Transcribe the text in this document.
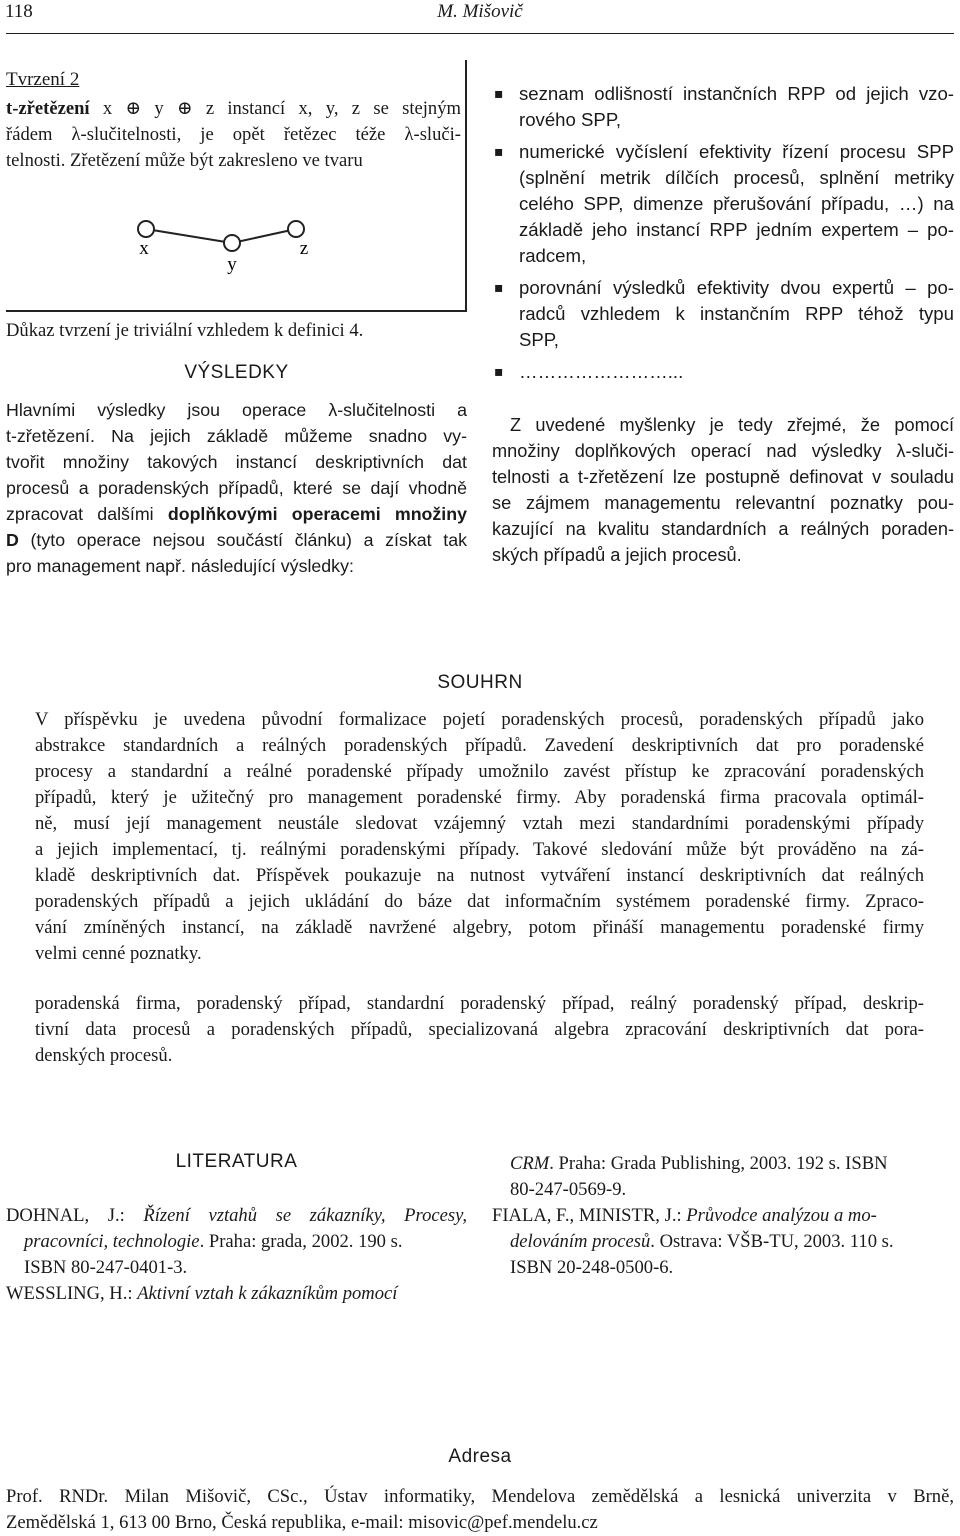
118	M. Mišovič
Tvrzení 2

t-zřetězení x ⊕ y ⊕ z instancí x, y, z se stejným

řádem λ-slučitelnosti, je opět řetězec téže λ-sluči-

telnosti. Zřetězení může být zakresleno ve tvaru

x
y
z
Důkaz tvrzení je triviální vzhledem k definici 4.
VÝSLEDKY

Hlavními výsledky jsou operace λ-slučitelnosti a

t-zřetězení. Na jejich základě můžeme snadno vy-

tvořit množiny takových instancí deskriptivních dat

procesů a poradenských případů, které se dají vhodně

zpracovat dalšími doplňkovými operacemi množiny

D (tyto operace nejsou součástí článku) a získat tak

pro management např. následující výsledky:

▪ seznam odlišností instančních RPP od jejich vzo-
rového SPP,
▪ numerické vyčíslení efektivity řízení procesu SPP
(splnění metrik dílčích procesů, splnění metriky
celého SPP, dimenze přerušování případu, …) na
základě jeho instancí RPP jedním expertem – po-
radcem,
▪ porovnání výsledků efektivity dvou expertů – po-
radců vzhledem k instančním RPP téhož typu
SPP,
▪ ……………………...

Z uvedené myšlenky je tedy zřejmé, že pomocí

množiny doplňkových operací nad výsledky λ-sluči-

telnosti a t-zřetězení lze postupně definovat v souladu

se zájmem managementu relevantní poznatky pou-

kazující na kvalitu standardních a reálných poraden-

ských případů a jejich procesů.

SOUHRN

V příspěvku je uvedena původní formalizace pojetí poradenských procesů, poradenských případů jako

abstrakce standardních a reálných poradenských případů. Zavedení deskriptivních dat pro poradenské

procesy a standardní a reálné poradenské případy umožnilo zavést přístup ke zpracování poradenských

případů, který je užitečný pro management poradenské firmy. Aby poradenská firma pracovala optimál-

ně, musí její management neustále sledovat vzájemný vztah mezi standardními poradenskými případy

a jejich implementací, tj. reálnými poradenskými případy. Takové sledování může být prováděno na zá-

kladě deskriptivních dat. Příspěvek poukazuje na nutnost vytváření instancí deskriptivních dat reálných

poradenských případů a jejich ukládání do báze dat informačním systémem poradenské firmy. Zpraco-

vání zmíněných instancí, na základě navržené algebry, potom přináší managementu poradenské firmy

velmi cenné poznatky.

poradenská firma, poradenský případ, standardní poradenský případ, reálný poradenský případ, deskrip-

tivní data procesů a poradenských případů, specializovaná algebra zpracování deskriptivních dat pora-

denských procesů.

LITERATURA

DOHNAL, J.: Řízení vztahů se zákazníky, Procesy,

pracovníci, technologie. Praha: grada, 2002. 190 s.

ISBN 80-247-0401-3.

WESSLING, H.: Aktivní vztah k zákazníkům pomocí

CRM. Praha: Grada Publishing, 2003. 192 s. ISBN

80-247-0569-9.

FIALA, F., MINISTR, J.: Průvodce analýzou a mo-

delováním procesů. Ostrava: VŠB-TU, 2003. 110 s.

ISBN 20-248-0500-6.

Adresa

Prof. RNDr. Milan Mišovič, CSc., Ústav informatiky, Mendelova zemědělská a lesnická univerzita v Brně,

Zemědělská 1, 613 00 Brno, Česká republika, e-mail: misovic@pef.mendelu.cz
